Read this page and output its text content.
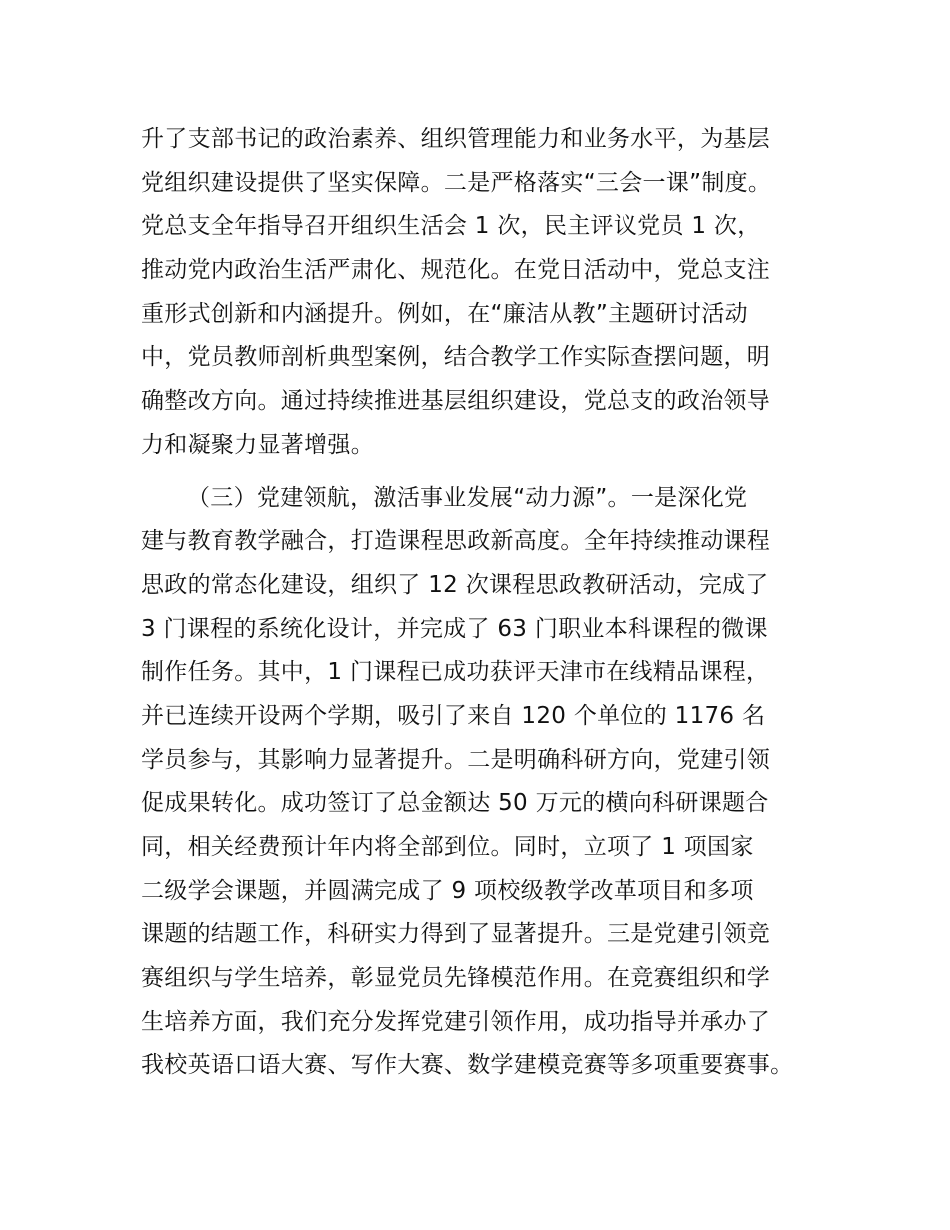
升了支部书记的政治素养、组织管理能力和业务水平，为基层
党组织建设提供了坚实保障。二是严格落实“三会一课”制度。
党总支全年指导召开组织生活会 1 次，民主评议党员 1 次，
推动党内政治生活严肃化、规范化。在党日活动中，党总支注
重形式创新和内涵提升。例如，在“廉洁从教”主题研讨活动
中，党员教师剖析典型案例，结合教学工作实际查摆问题，明
确整改方向。通过持续推进基层组织建设，党总支的政治领导
力和凝聚力显著增强。
（三）党建领航，激活事业发展“动力源”。一是深化党
建与教育教学融合，打造课程思政新高度。全年持续推动课程
思政的常态化建设，组织了 12 次课程思政教研活动，完成了
3 门课程的系统化设计，并完成了 63 门职业本科课程的微课
制作任务。其中，1 门课程已成功获评天津市在线精品课程，
并已连续开设两个学期，吸引了来自 120 个单位的 1176 名
学员参与，其影响力显著提升。二是明确科研方向，党建引领
促成果转化。成功签订了总金额达 50 万元的横向科研课题合
同，相关经费预计年内将全部到位。同时，立项了 1 项国家
二级学会课题，并圆满完成了 9 项校级教学改革项目和多项
课题的结题工作，科研实力得到了显著提升。三是党建引领竞
赛组织与学生培养，彰显党员先锋模范作用。在竞赛组织和学
生培养方面，我们充分发挥党建引领作用，成功指导并承办了
我校英语口语大赛、写作大赛、数学建模竞赛等多项重要赛事。
